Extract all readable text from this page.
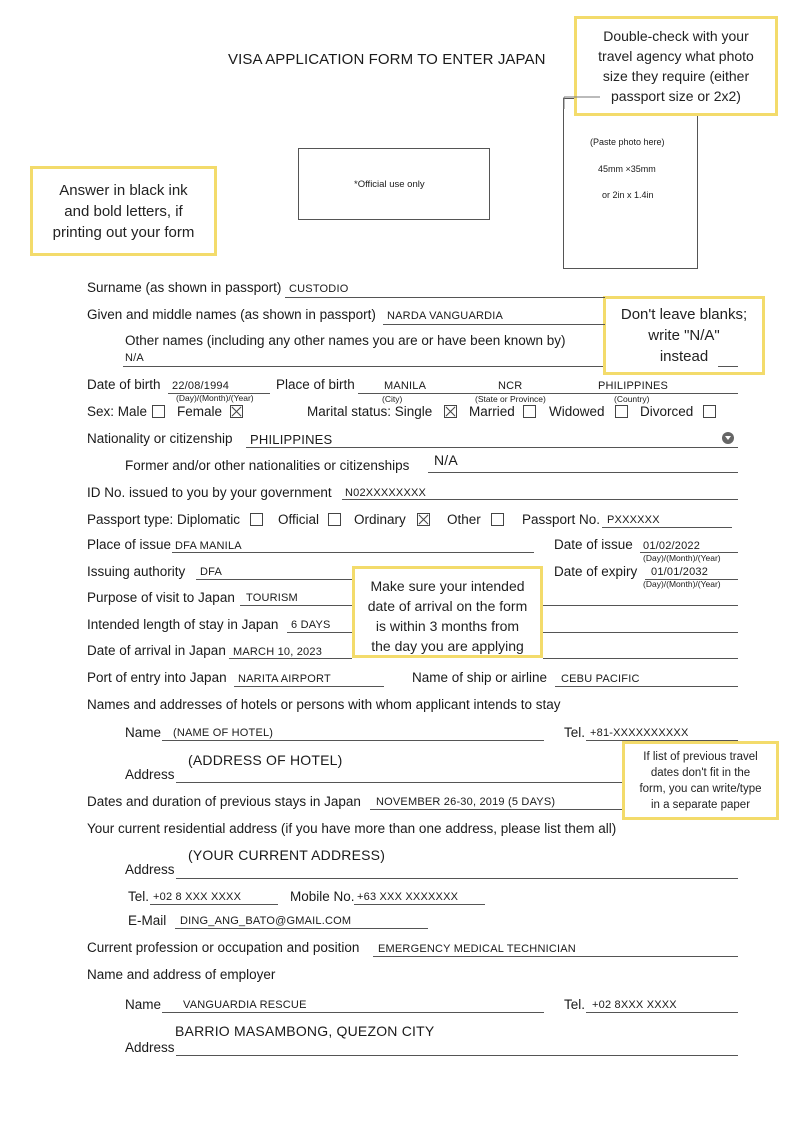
VISA APPLICATION FORM TO ENTER JAPAN
*Official use only
(Paste photo here)
45mm ×35mm
or 2in x 1.4in
Double-check with your
travel agency what photo
size they require (either
passport size or 2x2)
Answer in black ink
and bold letters, if
printing out your form
Don't leave blanks;
write "N/A"
instead
Make sure your intended
date of arrival on the form
is within 3 months from
the day you are applying
If list of previous travel
dates don't fit in the
form, you can write/type
in a separate paper
Surname (as shown in passport) CUSTODIO
Given and middle names (as shown in passport) NARDA VANGUARDIA
Other names (including any other names you are or have been known by)
N/A
Date of birth 22/08/1994
(Day)/(Month)/(Year)
Place of birth	MANILA	NCR	PHILIPPINES
(City)	(State or Province)	(Country)
Sex: Male Female	Marital status: Single	Married	Widowed	Divorced
Nationality or citizenship PHILIPPINES
Former and/or other nationalities or citizenships N/A
ID No. issued to you by your government N02XXXXXXXX
Passport type: Diplomatic	Official	Ordinary	Other	Passport No. PXXXXXX
Place of issue DFA MANILA	Date of issue 01/02/2022
(Day)/(Month)/(Year)
Issuing authority DFA	Date of expiry 01/01/2032
(Day)/(Month)/(Year)
Purpose of visit to Japan TOURISM
Intended length of stay in Japan 6 DAYS
Date of arrival in Japan MARCH 10, 2023
Port of entry into Japan NARITA AIRPORT	Name of ship or airline CEBU PACIFIC
Names and addresses of hotels or persons with whom applicant intends to stay
Name (NAME OF HOTEL)	Tel. +81-XXXXXXXXXX
(ADDRESS OF HOTEL)
Address
Dates and duration of previous stays in Japan NOVEMBER 26-30, 2019 (5 DAYS)
Your current residential address (if you have more than one address, please list them all)
(YOUR CURRENT ADDRESS)
Address
Tel. +02 8 XXX XXXX	Mobile No. +63 XXX XXXXXXX
E-Mail DING_ANG_BATO@GMAIL.COM
Current profession or occupation and position EMERGENCY MEDICAL TECHNICIAN
Name and address of employer
Name VANGUARDIA RESCUE	Tel. +02 8XXX XXXX
BARRIO MASAMBONG, QUEZON CITY
Address
